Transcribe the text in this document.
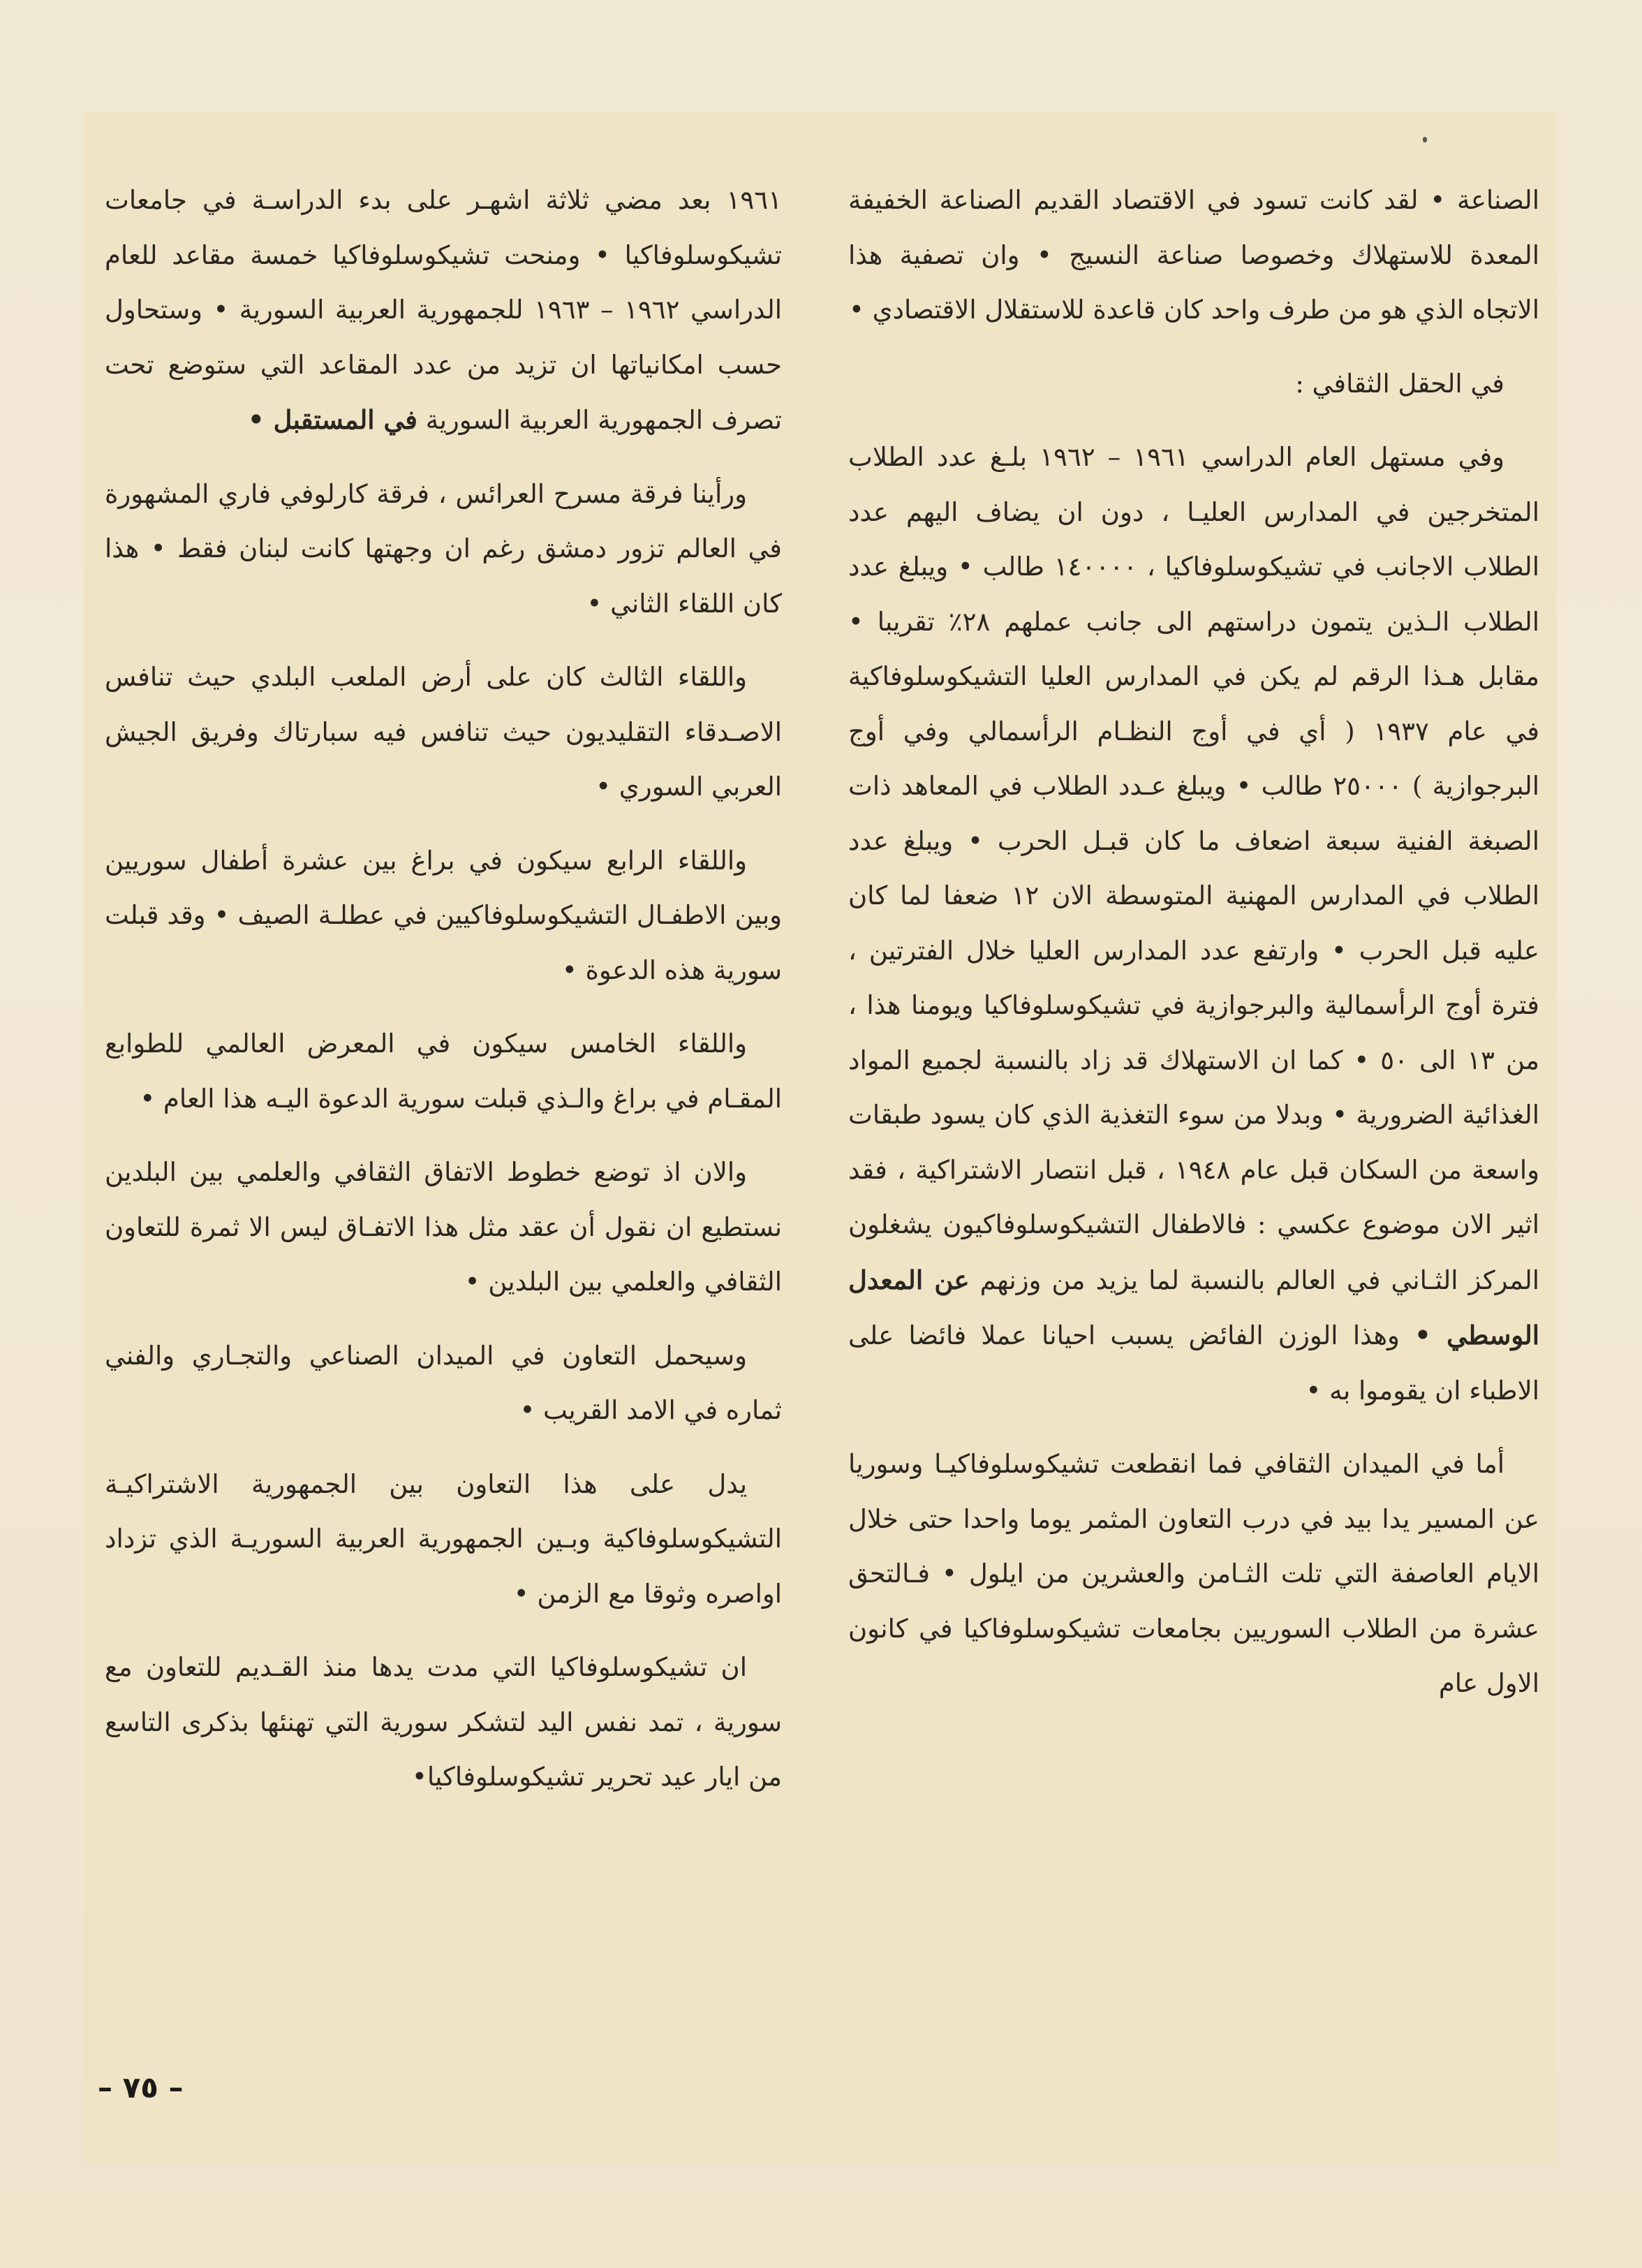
الصناعة • لقد كانت تسود في الاقتصاد القديم الصناعة الخفيفة المعدة للاستهلاك وخصوصا صناعة النسيج • وان تصفية هذا الاتجاه الذي هو من طرف واحد كان قاعدة للاستقلال الاقتصادي •

في الحقل الثقافي :

وفي مستهل العام الدراسي ١٩٦١ – ١٩٦٢ بلـغ عدد الطلاب المتخرجين في المدارس العليـا ، دون ان يضاف اليهم عدد الطلاب الاجانب في تشيكوسلوفاكيا ، ١٤٠٠٠٠ طالب • ويبلغ عدد الطلاب الـذين يتمون دراستهم الى جانب عملهم ٢٨٪ تقريبا • مقابل هـذا الرقم لم يكن في المدارس العليا التشيكوسلوفاكية في عام ١٩٣٧ ( أي في أوج النظـام الرأسمالي وفي أوج البرجوازية ) ٢٥٠٠٠ طالب • ويبلغ عـدد الطلاب في المعاهد ذات الصبغة الفنية سبعة اضعاف ما كان قبـل الحرب • ويبلغ عدد الطلاب في المدارس المهنية المتوسطة الان ١٢ ضعفا لما كان عليه قبل الحرب • وارتفع عدد المدارس العليا خلال الفترتين ، فترة أوج الرأسمالية والبرجوازية في تشيكوسلوفاكيا ويومنا هذا ، من ١٣ الى ٥٠ • كما ان الاستهلاك قد زاد بالنسبة لجميع المواد الغذائية الضرورية • وبدلا من سوء التغذية الذي كان يسود طبقات واسعة من السكان قبل عام ١٩٤٨ ، قبل انتصار الاشتراكية ، فقد اثير الان موضوع عكسي : فالاطفال التشيكوسلوفاكيون يشغلون المركز الثـاني في العالم بالنسبة لما يزيد من وزنهم عن المعدل الوسطي • وهذا الوزن الفائض يسبب احيانا عملا فائضا على الاطباء ان يقوموا به •

أما في الميدان الثقافي فما انقطعت تشيكوسلوفاكيـا وسوريا عن المسير يدا بيد في درب التعاون المثمر يوما واحدا حتى خلال الايام العاصفة التي تلت الثـامن والعشرين من ايلول • فـالتحق عشرة من الطلاب السوريين بجامعات تشيكوسلوفاكيا في كانون الاول عام

١٩٦١ بعد مضي ثلاثة اشهـر على بدء الدراسـة في جامعات تشيكوسلوفاكيا • ومنحت تشيكوسلوفاكيا خمسة مقاعد للعام الدراسي ١٩٦٢ – ١٩٦٣ للجمهورية العربية السورية • وستحاول حسب امكانياتها ان تزيد من عدد المقاعد التي ستوضع تحت تصرف الجمهورية العربية السورية في المستقبل •

ورأينا فرقة مسرح العرائس ، فرقة كارلوفي فاري المشهورة في العالم تزور دمشق رغم ان وجهتها كانت لبنان فقط • هذا كان اللقاء الثاني •

واللقاء الثالث كان على أرض الملعب البلدي حيث تنافس الاصـدقاء التقليديون حيث تنافس فيه سبارتاك وفريق الجيش العربي السوري •

واللقاء الرابع سيكون في براغ بين عشرة أطفال سوريين وبين الاطفـال التشيكوسلوفاكيين في عطلـة الصيف • وقد قبلت سورية هذه الدعوة •

واللقاء الخامس سيكون في المعرض العالمي للطوابع المقـام في براغ والـذي قبلت سورية الدعوة اليـه هذا العام •

والان اذ توضع خطوط الاتفاق الثقافي والعلمي بين البلدين نستطيع ان نقول أن عقد مثل هذا الاتفـاق ليس الا ثمرة للتعاون الثقافي والعلمي بين البلدين •

وسيحمل التعاون في الميدان الصناعي والتجـاري والفني ثماره في الامد القريب •

يدل على هذا التعاون بين الجمهورية الاشتراكيـة التشيكوسلوفاكية وبـين الجمهورية العربية السوريـة الذي تزداد اواصره وثوقا مع الزمن •

ان تشيكوسلوفاكيا التي مدت يدها منذ القـديم للتعاون مع سورية ، تمد نفس اليد لتشكر سورية التي تهنئها بذكرى التاسع من ايار عيد تحرير تشيكوسلوفاكيا•

– ٧٥ –
